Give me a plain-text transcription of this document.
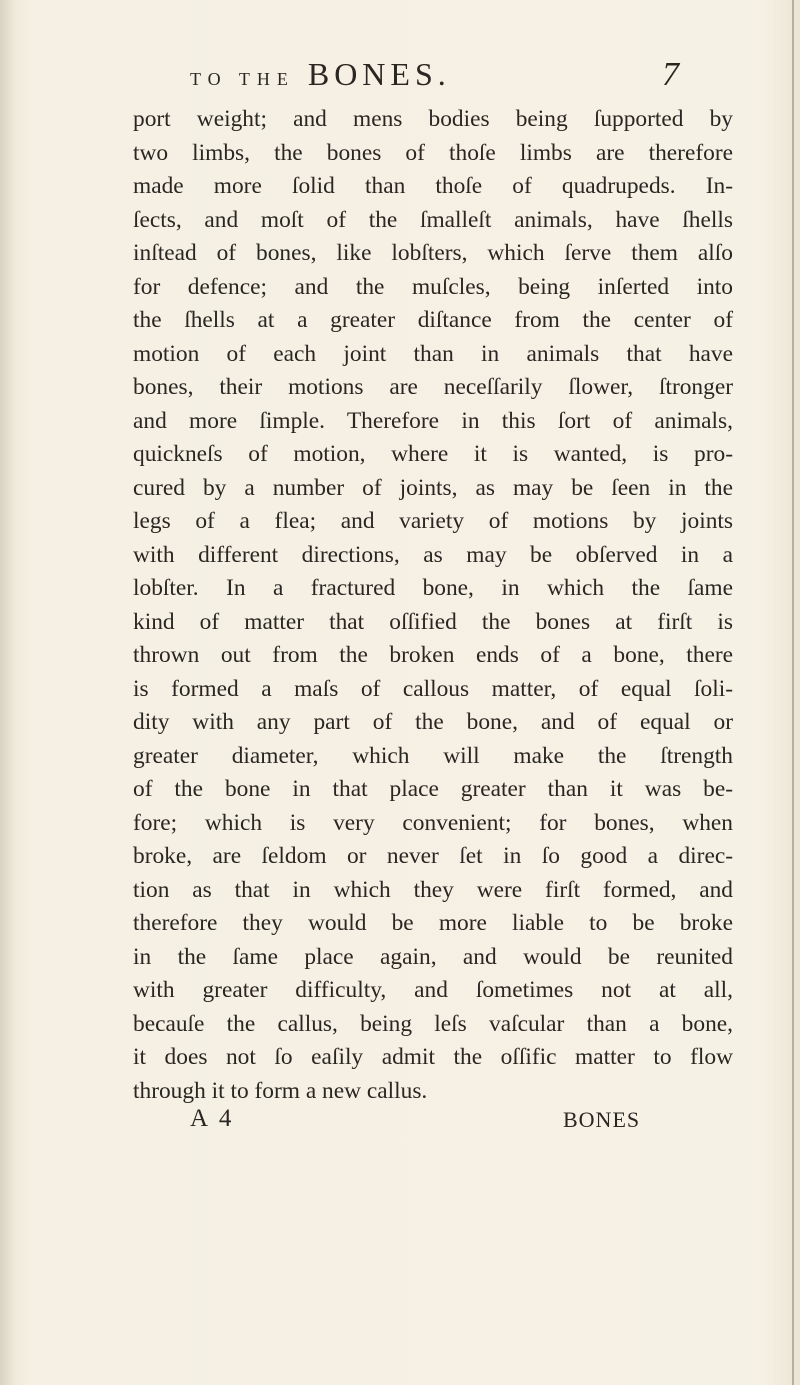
TO THE BONES.	7
port weight; and mens bodies being ſupported by
two limbs, the bones of thoſe limbs are therefore
made more ſolid than thoſe of quadrupeds. In-
ſects, and moſt of the ſmalleſt animals, have ſhells
inſtead of bones, like lobſters, which ſerve them alſo
for defence; and the muſcles, being inſerted into
the ſhells at a greater diſtance from the center of
motion of each joint than in animals that have
bones, their motions are neceſſarily ſlower, ſtronger
and more ſimple. Therefore in this ſort of animals,
quickneſs of motion, where it is wanted, is pro-
cured by a number of joints, as may be ſeen in the
legs of a flea; and variety of motions by joints
with different directions, as may be obſerved in a
lobſter. In a fractured bone, in which the ſame
kind of matter that oſſified the bones at firſt is
thrown out from the broken ends of a bone, there
is formed a maſs of callous matter, of equal ſoli-
dity with any part of the bone, and of equal or
greater diameter, which will make the ſtrength
of the bone in that place greater than it was be-
fore; which is very convenient; for bones, when
broke, are ſeldom or never ſet in ſo good a direc-
tion as that in which they were firſt formed, and
therefore they would be more liable to be broke
in the ſame place again, and would be reunited
with greater difficulty, and ſometimes not at all,
becauſe the callus, being leſs vaſcular than a bone,
it does not ſo eaſily admit the oſſific matter to flow
through it to form a new callus.
A 4	BONES
